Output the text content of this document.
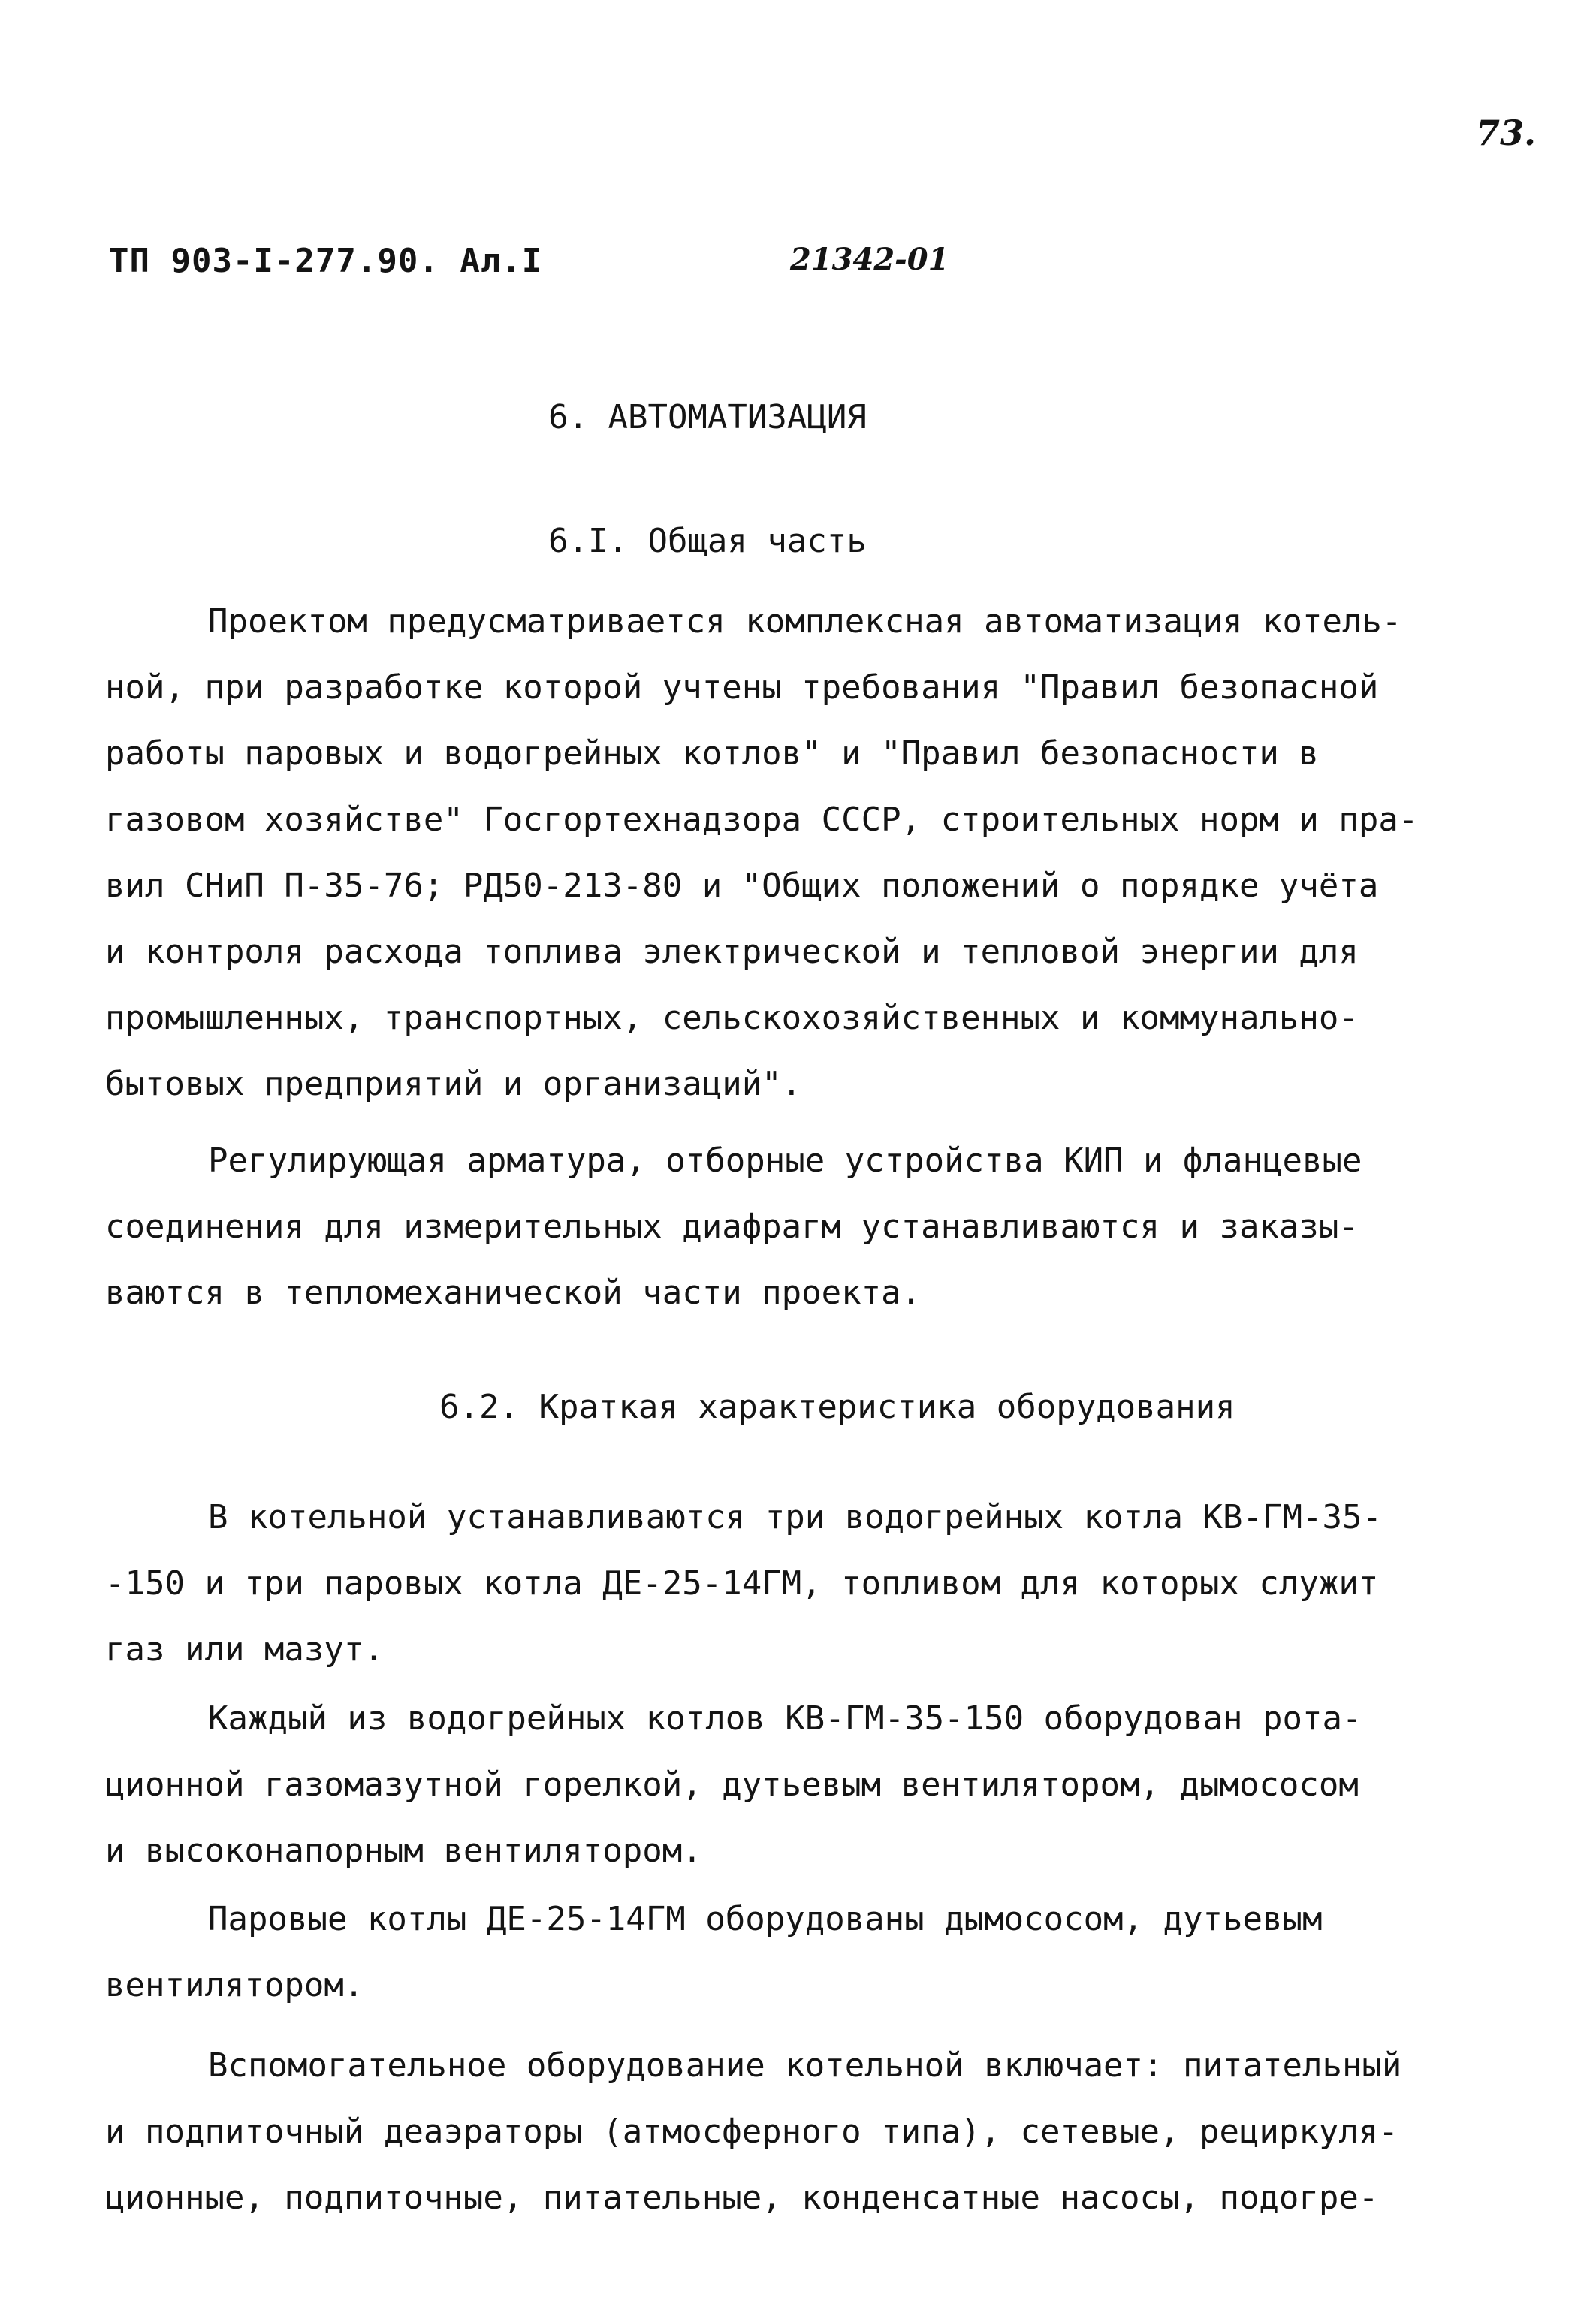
73.
ТП 903-I-277.90. Ал.I	21342-01
6. АВТОМАТИЗАЦИЯ
6.I. Общая часть
Проектом предусматривается комплексная автоматизация котель-
ной, при разработке которой учтены требования "Правил безопасной
работы паровых и водогрейных котлов" и "Правил безопасности в
газовом хозяйстве" Госгортехнадзора СССР, строительных норм и пра-
вил СНиП П-35-76; РД50-213-80 и "Общих положений о порядке учёта
и контроля расхода топлива электрической и тепловой энергии для
промышленных, транспортных, сельскохозяйственных и коммунально-
бытовых предприятий и организаций".
Регулирующая арматура, отборные устройства КИП и фланцевые
соединения для измерительных диафрагм устанавливаются и заказы-
ваются в тепломеханической части проекта.
6.2. Краткая характеристика оборудования
В котельной устанавливаются три водогрейных котла КВ-ГМ-35-
-150 и три паровых котла ДЕ-25-14ГМ, топливом для которых служит
газ или мазут.
Каждый из водогрейных котлов КВ-ГМ-35-150 оборудован рота-
ционной газомазутной горелкой, дутьевым вентилятором, дымососом
и высоконапорным вентилятором.
Паровые котлы ДЕ-25-14ГМ оборудованы дымососом, дутьевым
вентилятором.
Вспомогательное оборудование котельной включает: питательный
и подпиточный деаэраторы (атмосферного типа), сетевые, рециркуля-
ционные, подпиточные, питательные, конденсатные насосы, подогре-
